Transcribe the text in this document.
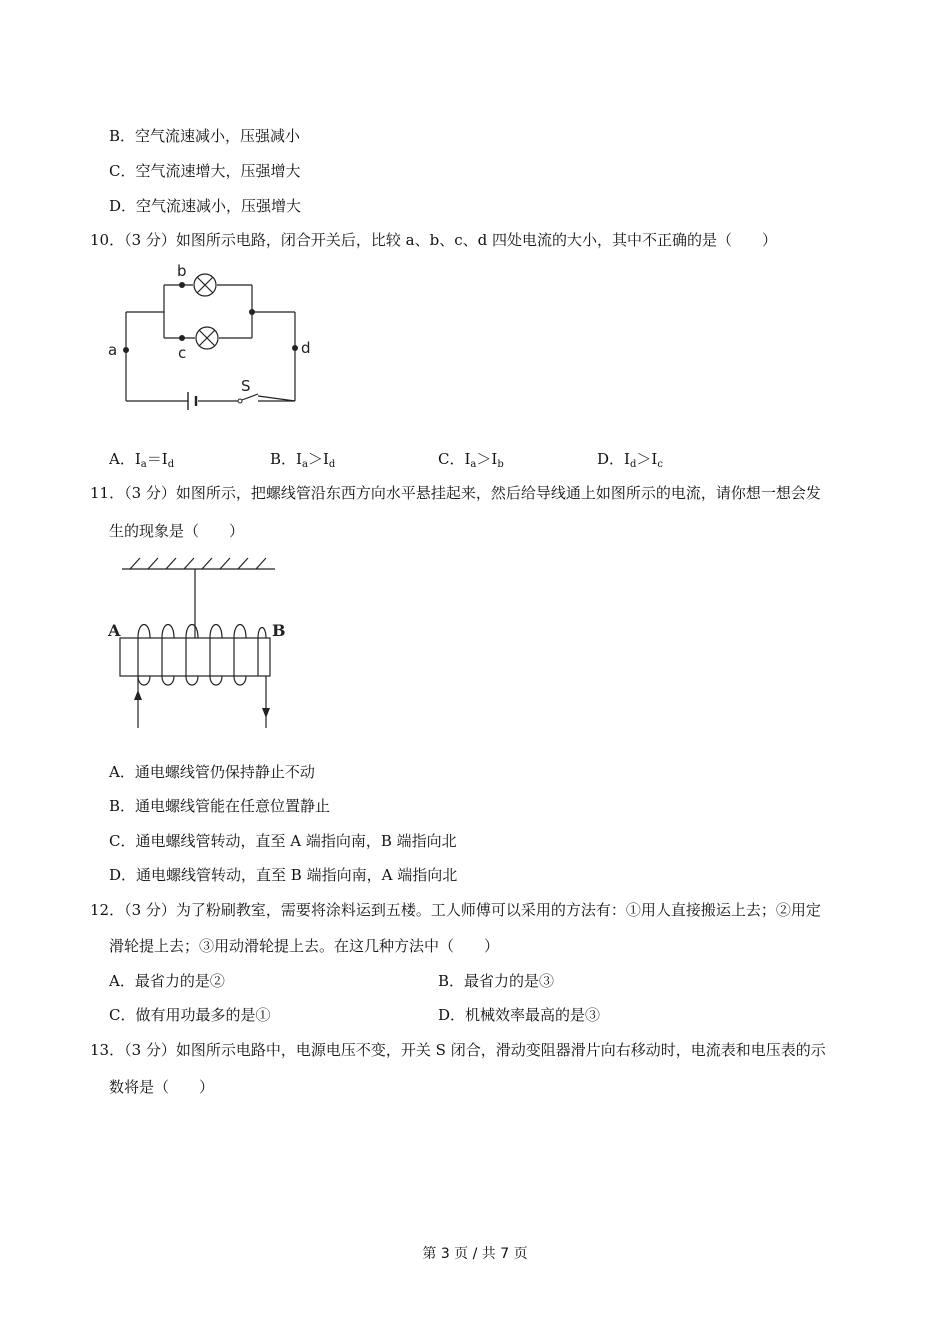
B．空气流速减小，压强减小
C．空气流速增大，压强增大
D．空气流速减小，压强增大
10．（3 分）如图所示电路，闭合开关后，比较 a、b、c、d 四处电流的大小，其中不正确的是（　　）
a
b
c	d
S
A．$I_a=I_d$	B．$I_a>I_d$	C．$I_a>I_b$	D．$I_d>I_c$
11．（3 分）如图所示，把螺线管沿东西方向水平悬挂起来，然后给导线通上如图所示的电流，请你想一想会发
生的现象是（　　）
A	B
A．通电螺线管仍保持静止不动
B．通电螺线管能在任意位置静止
C．通电螺线管转动，直至 A 端指向南，B 端指向北
D．通电螺线管转动，直至 B 端指向南，A 端指向北
12．（3 分）为了粉刷教室，需要将涂料运到五楼。工人师傅可以采用的方法有：①用人直接搬运上去；②用定
滑轮提上去；③用动滑轮提上去。在这几种方法中（　　）
A．最省力的是②	B．最省力的是③
C．做有用功最多的是①	D．机械效率最高的是③
13．（3 分）如图所示电路中，电源电压不变，开关 S 闭合，滑动变阻器滑片向右移动时，电流表和电压表的示
数将是（　　）
第 3 页 / 共 7 页
